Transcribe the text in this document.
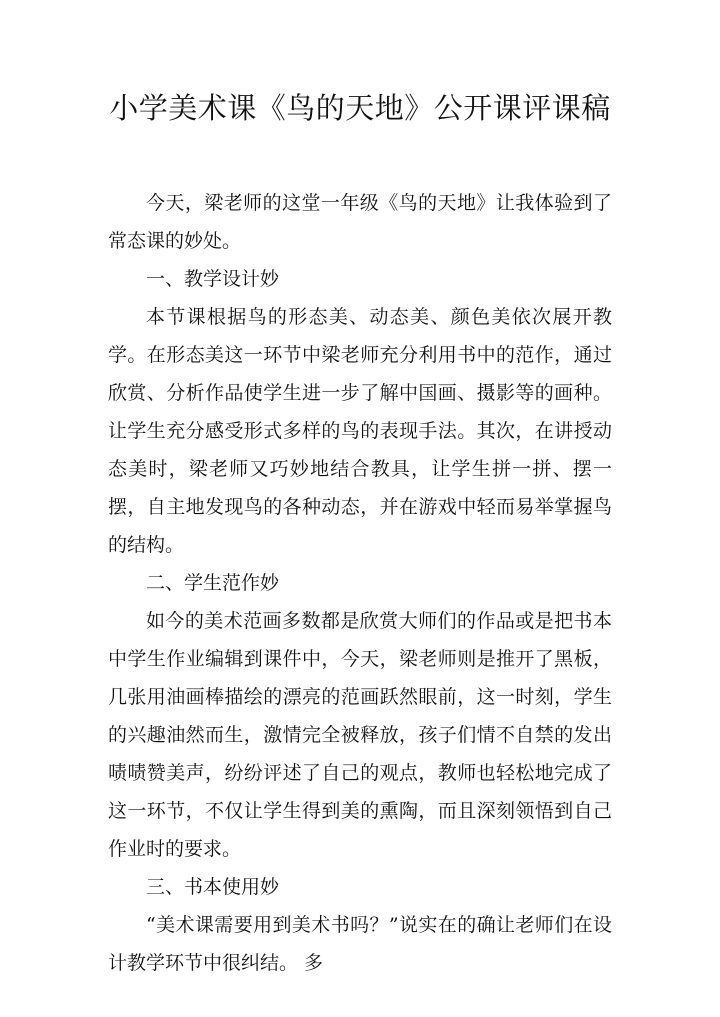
小学美术课《鸟的天地》公开课评课稿

今天，梁老师的这堂一年级《鸟的天地》让我体验到了常态课的妙处。

一、教学设计妙

本节课根据鸟的形态美、动态美、颜色美依次展开教学。在形态美这一环节中梁老师充分利用书中的范作，通过欣赏、分析作品使学生进一步了解中国画、摄影等的画种。让学生充分感受形式多样的鸟的表现手法。其次，在讲授动态美时，梁老师又巧妙地结合教具，让学生拼一拼、摆一摆，自主地发现鸟的各种动态，并在游戏中轻而易举掌握鸟的结构。

二、学生范作妙

如今的美术范画多数都是欣赏大师们的作品或是把书本中学生作业编辑到课件中，今天，梁老师则是推开了黑板，几张用油画棒描绘的漂亮的范画跃然眼前，这一时刻，学生的兴趣油然而生，激情完全被释放，孩子们情不自禁的发出啧啧赞美声，纷纷评述了自己的观点，教师也轻松地完成了这一环节，不仅让学生得到美的熏陶，而且深刻领悟到自己作业时的要求。

三、书本使用妙

“美术课需要用到美术书吗？”说实在的确让老师们在设计教学环节中很纠结。 多
